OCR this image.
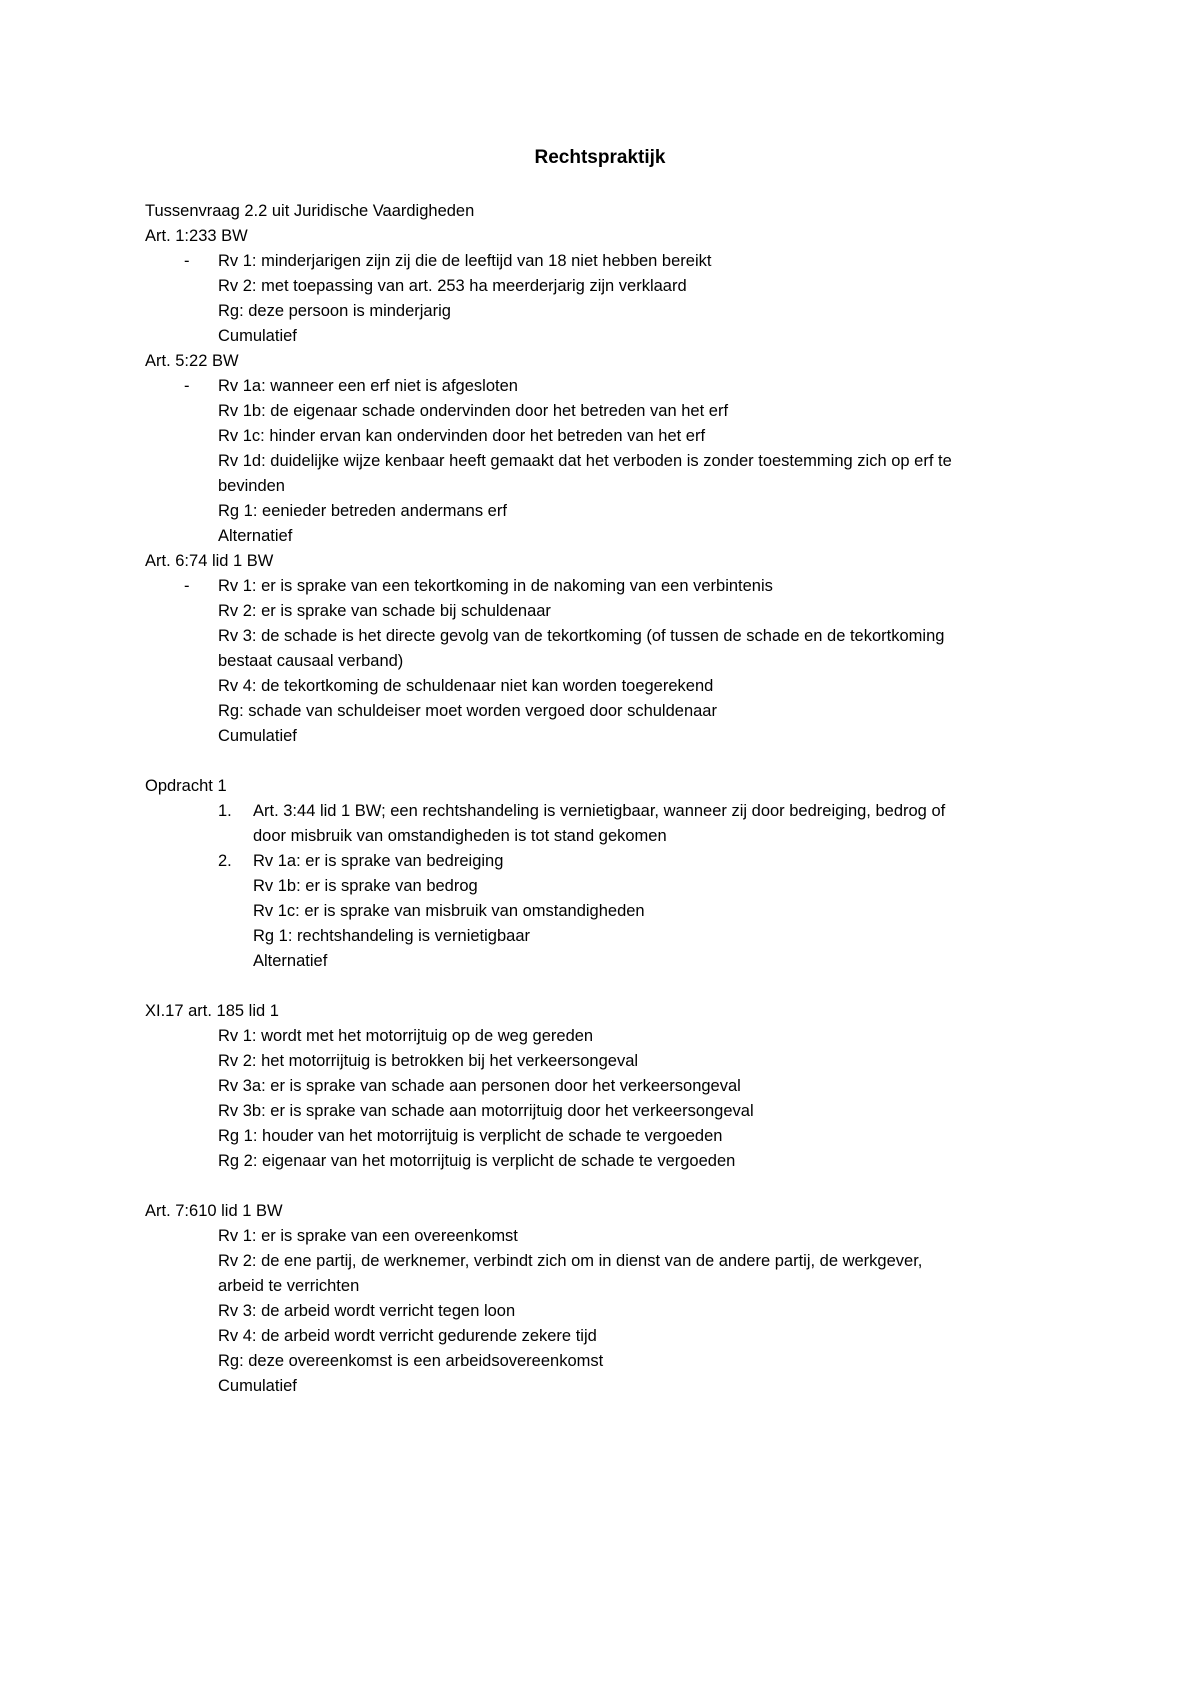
Rechtspraktijk
Tussenvraag 2.2 uit Juridische Vaardigheden
Art. 1:233 BW
- Rv 1: minderjarigen zijn zij die de leeftijd van 18 niet hebben bereikt
Rv 2: met toepassing van art. 253 ha meerderjarig zijn verklaard
Rg: deze persoon is minderjarig
Cumulatief
Art. 5:22 BW
- Rv 1a: wanneer een erf niet is afgesloten
Rv 1b: de eigenaar schade ondervinden door het betreden van het erf
Rv 1c: hinder ervan kan ondervinden door het betreden van het erf
Rv 1d: duidelijke wijze kenbaar heeft gemaakt dat het verboden is zonder toestemming zich op erf te
bevinden
Rg 1: eenieder betreden andermans erf
Alternatief
Art. 6:74 lid 1 BW
- Rv 1: er is sprake van een tekortkoming in de nakoming van een verbintenis
Rv 2: er is sprake van schade bij schuldenaar
Rv 3: de schade is het directe gevolg van de tekortkoming (of tussen de schade en de tekortkoming
bestaat causaal verband)
Rv 4: de tekortkoming de schuldenaar niet kan worden toegerekend
Rg: schade van schuldeiser moet worden vergoed door schuldenaar
Cumulatief
Opdracht 1
1. Art. 3:44 lid 1 BW; een rechtshandeling is vernietigbaar, wanneer zij door bedreiging, bedrog of
door misbruik van omstandigheden is tot stand gekomen
2. Rv 1a: er is sprake van bedreiging
Rv 1b: er is sprake van bedrog
Rv 1c: er is sprake van misbruik van omstandigheden
Rg 1: rechtshandeling is vernietigbaar
Alternatief
XI.17 art. 185 lid 1
Rv 1: wordt met het motorrijtuig op de weg gereden
Rv 2: het motorrijtuig is betrokken bij het verkeersongeval
Rv 3a: er is sprake van schade aan personen door het verkeersongeval
Rv 3b: er is sprake van schade aan motorrijtuig door het verkeersongeval
Rg 1: houder van het motorrijtuig is verplicht de schade te vergoeden
Rg 2: eigenaar van het motorrijtuig is verplicht de schade te vergoeden
Art. 7:610 lid 1 BW
Rv 1: er is sprake van een overeenkomst
Rv 2: de ene partij, de werknemer, verbindt zich om in dienst van de andere partij, de werkgever,
arbeid te verrichten
Rv 3: de arbeid wordt verricht tegen loon
Rv 4: de arbeid wordt verricht gedurende zekere tijd
Rg: deze overeenkomst is een arbeidsovereenkomst
Cumulatief
